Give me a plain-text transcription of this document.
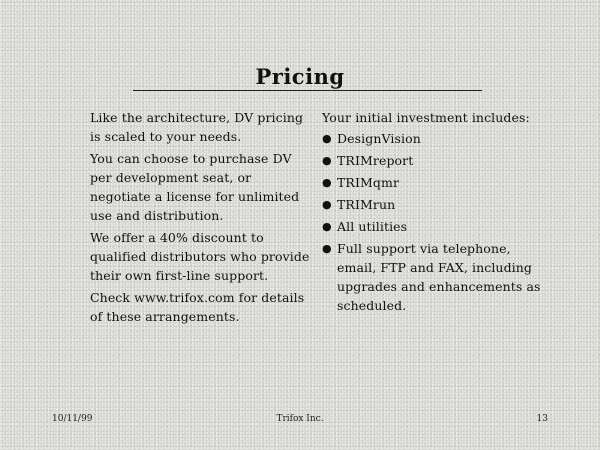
Pricing

Like the architecture, DV pricing is scaled to your needs.

You can choose to purchase DV per development seat, or negotiate a license for unlimited use and distribution.

We offer a 40% discount to qualified distributors who provide their own first-line support.

Check www.trifox.com for details of these arrangements.

Your initial investment includes:

● DesignVision
● TRIMreport
● TRIMqmr
● TRIMrun
● All utilities
● Full support via telephone, email, FTP and FAX, including upgrades and enhancements as scheduled.
10/11/99	Trifox Inc.	13
